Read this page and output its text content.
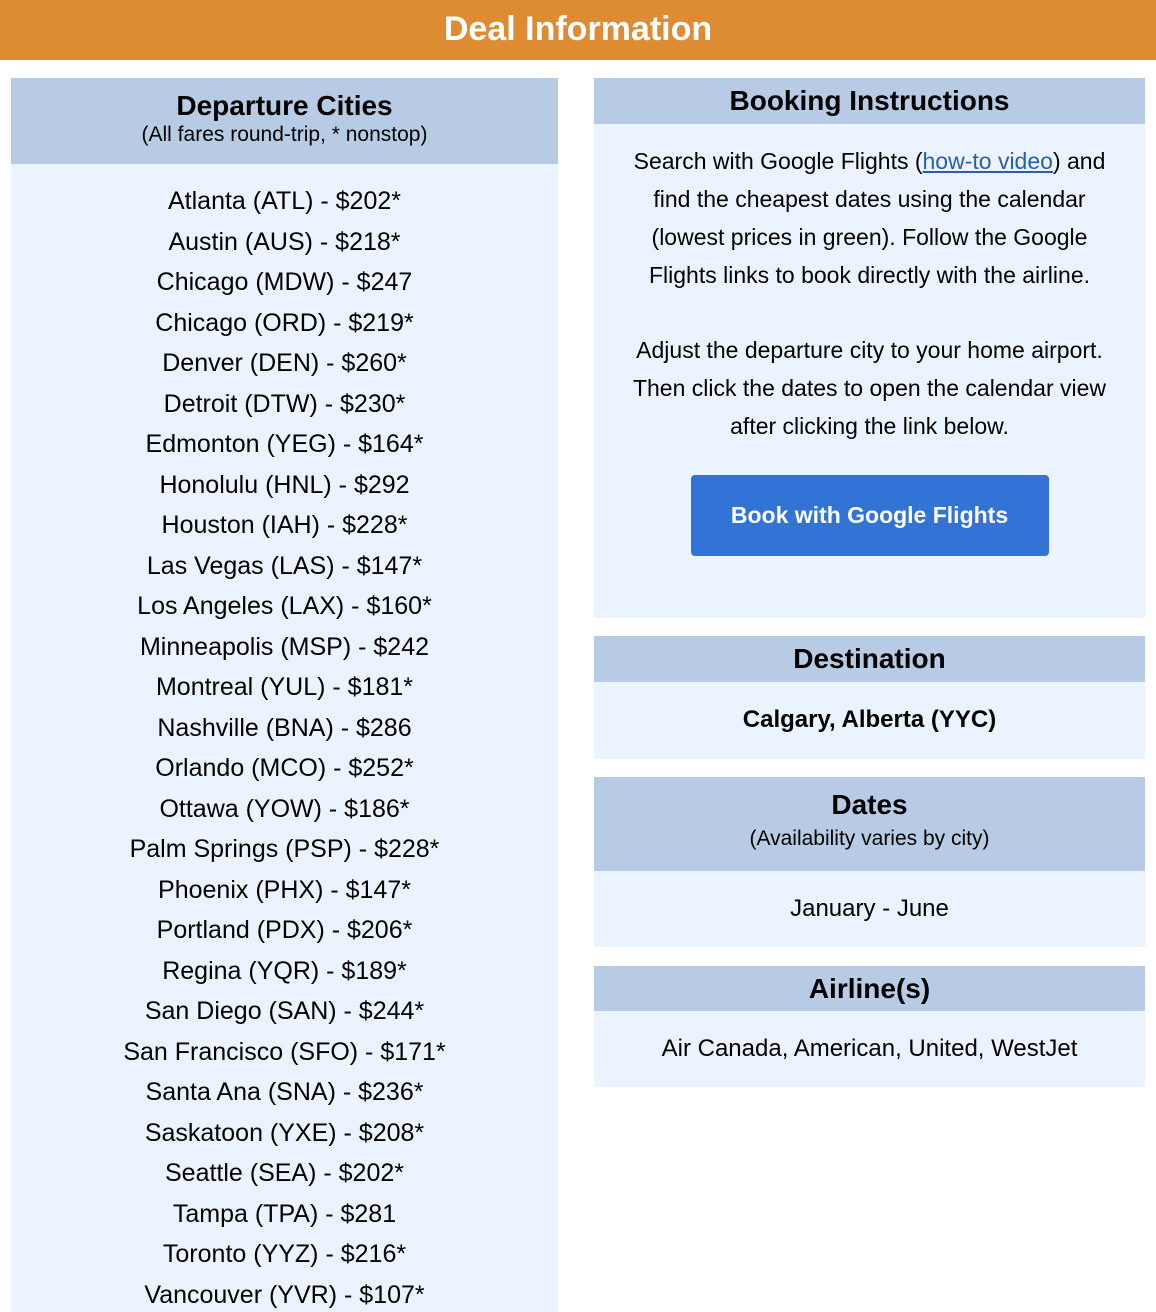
Deal Information
Departure Cities
(All fares round-trip, * nonstop)
Atlanta (ATL) - $202*
Austin (AUS) - $218*
Chicago (MDW) - $247
Chicago (ORD) - $219*
Denver (DEN) - $260*
Detroit (DTW) - $230*
Edmonton (YEG) - $164*
Honolulu (HNL) - $292
Houston (IAH) - $228*
Las Vegas (LAS) - $147*
Los Angeles (LAX) - $160*
Minneapolis (MSP) - $242
Montreal (YUL) - $181*
Nashville (BNA) - $286
Orlando (MCO) - $252*
Ottawa (YOW) - $186*
Palm Springs (PSP) - $228*
Phoenix (PHX) - $147*
Portland (PDX) - $206*
Regina (YQR) - $189*
San Diego (SAN) - $244*
San Francisco (SFO) - $171*
Santa Ana (SNA) - $236*
Saskatoon (YXE) - $208*
Seattle (SEA) - $202*
Tampa (TPA) - $281
Toronto (YYZ) - $216*
Vancouver (YVR) - $107*
Booking Instructions
Search with Google Flights (how-to video) and find the cheapest dates using the calendar (lowest prices in green). Follow the Google Flights links to book directly with the airline.
Adjust the departure city to your home airport. Then click the dates to open the calendar view after clicking the link below.
Book with Google Flights
Destination
Calgary, Alberta (YYC)
Dates
(Availability varies by city)
January - June
Airline(s)
Air Canada, American, United, WestJet
